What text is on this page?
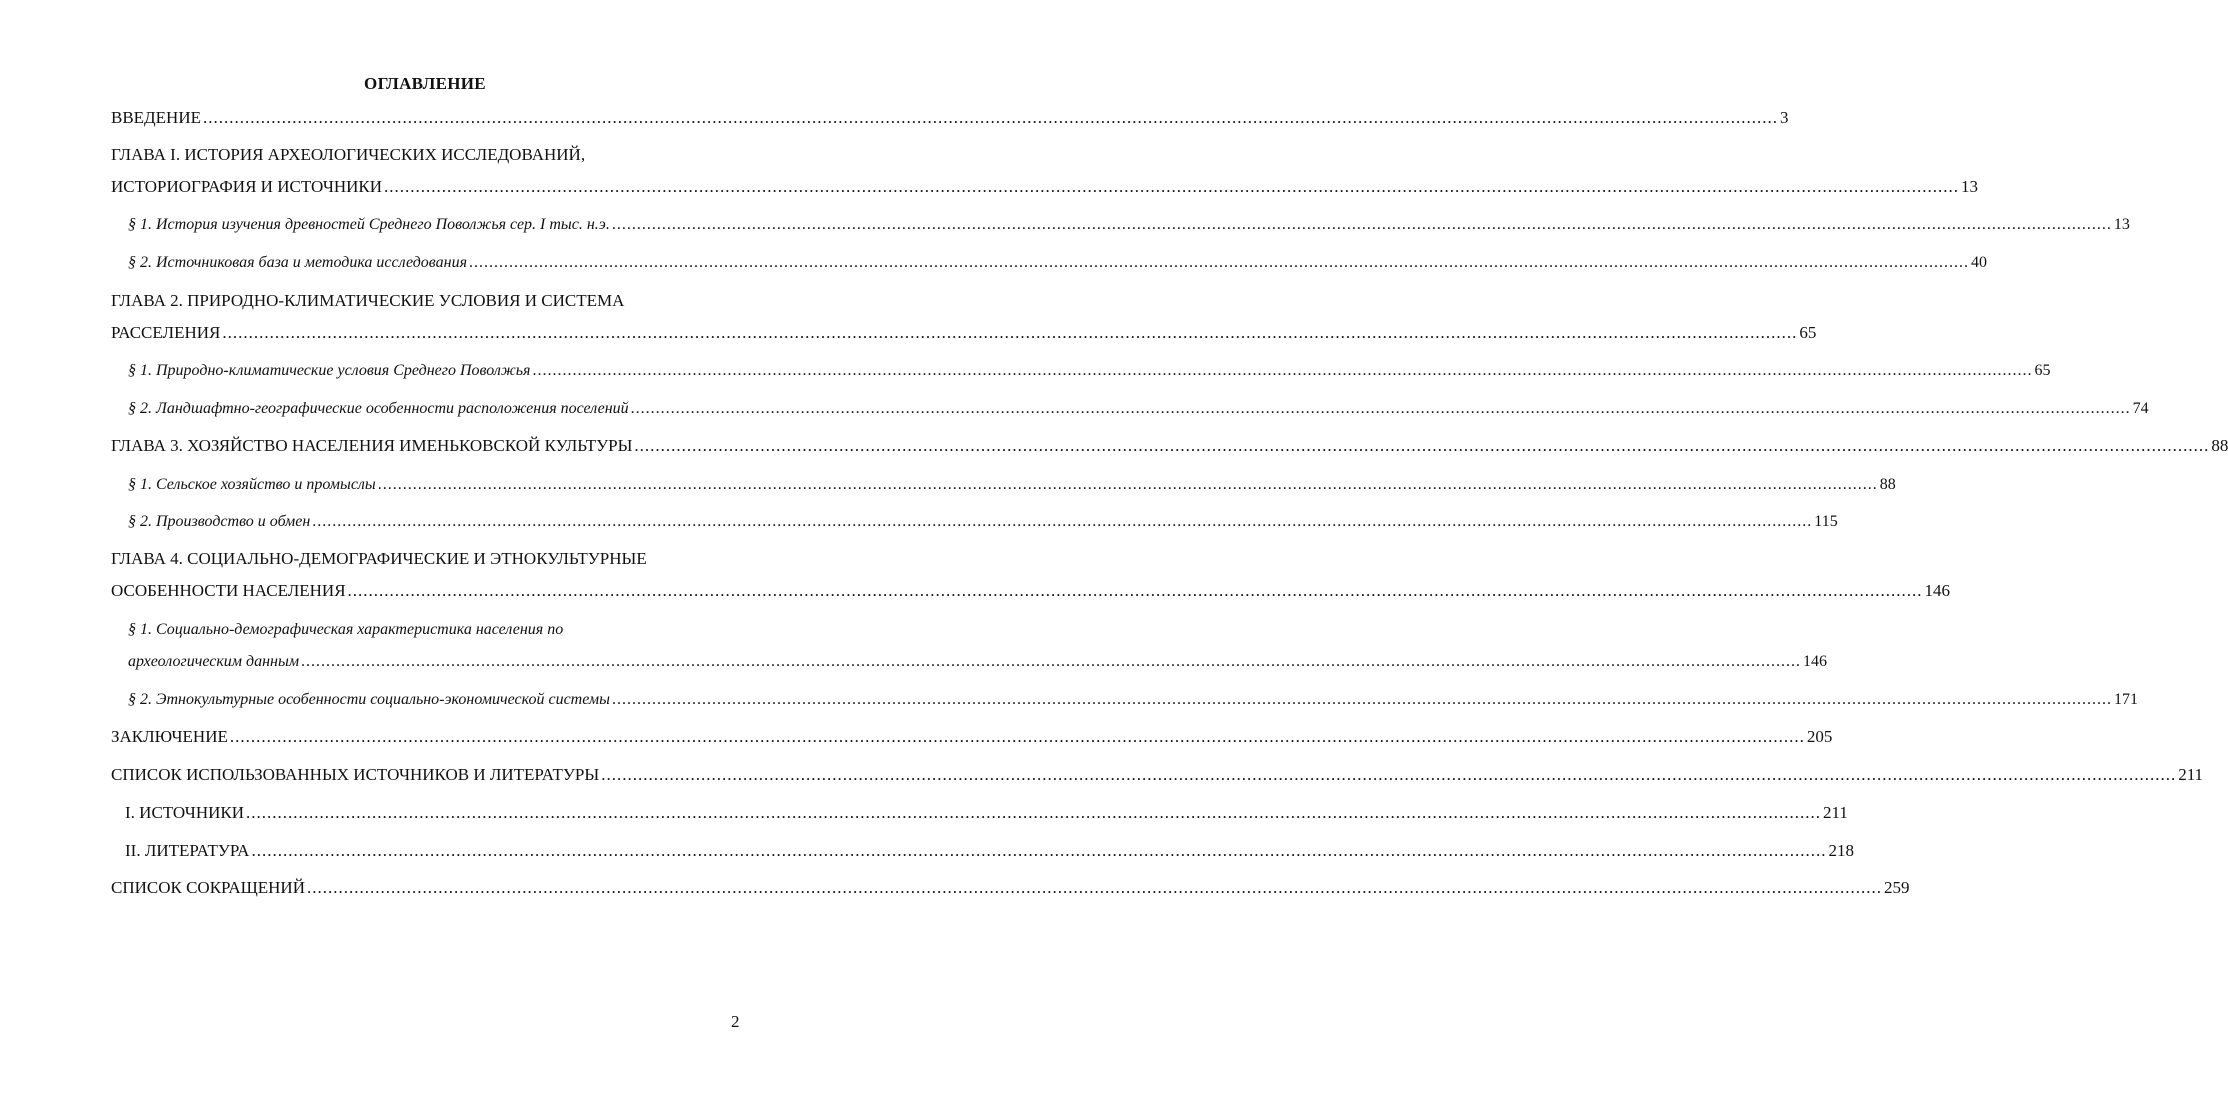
ОГЛАВЛЕНИЕ
ВВЕДЕНИЕ ............................................................................................................................................................................................................................................................................................................ 3
ГЛАВА I. ИСТОРИЯ АРХЕОЛОГИЧЕСКИХ ИССЛЕДОВАНИЙ,
ИСТОРИОГРАФИЯ И ИСТОЧНИКИ ............................................................................................................................................................................................................................................................................................................ 13
§ 1. История изучения древностей Среднего Поволжья сер. I тыс. н.э. ............................................................................................................................................................................................................................................................................................................ 13
§ 2. Источниковая база и методика исследования ............................................................................................................................................................................................................................................................................................................ 40
ГЛАВА 2. ПРИРОДНО-КЛИМАТИЧЕСКИЕ УСЛОВИЯ И СИСТЕМА
РАССЕЛЕНИЯ ............................................................................................................................................................................................................................................................................................................ 65
§ 1. Природно-климатические условия Среднего Поволжья ............................................................................................................................................................................................................................................................................................................ 65
§ 2. Ландшафтно-географические особенности расположения поселений ............................................................................................................................................................................................................................................................................................................ 74
ГЛАВА 3. ХОЗЯЙСТВО НАСЕЛЕНИЯ ИМЕНЬКОВСКОЙ КУЛЬТУРЫ ............................................................................................................................................................................................................................................................................................................ 88
§ 1. Сельское хозяйство и промыслы ............................................................................................................................................................................................................................................................................................................ 88
§ 2. Производство и обмен ............................................................................................................................................................................................................................................................................................................ 115
ГЛАВА 4. СОЦИАЛЬНО-ДЕМОГРАФИЧЕСКИЕ И ЭТНОКУЛЬТУРНЫЕ
ОСОБЕННОСТИ НАСЕЛЕНИЯ ............................................................................................................................................................................................................................................................................................................ 146
§ 1. Социально-демографическая характеристика населения по
археологическим данным ............................................................................................................................................................................................................................................................................................................ 146
§ 2. Этнокультурные особенности социально-экономической системы ............................................................................................................................................................................................................................................................................................................ 171
ЗАКЛЮЧЕНИЕ ............................................................................................................................................................................................................................................................................................................ 205
СПИСОК ИСПОЛЬЗОВАННЫХ ИСТОЧНИКОВ И ЛИТЕРАТУРЫ ............................................................................................................................................................................................................................................................................................................ 211
I. ИСТОЧНИКИ ............................................................................................................................................................................................................................................................................................................ 211
II. ЛИТЕРАТУРА ............................................................................................................................................................................................................................................................................................................ 218
СПИСОК СОКРАЩЕНИЙ ............................................................................................................................................................................................................................................................................................................ 259
2
